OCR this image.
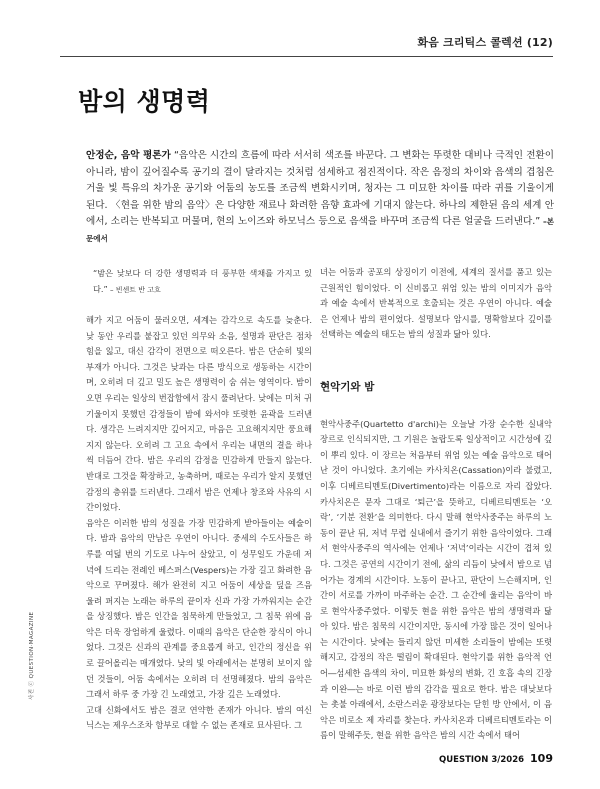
화음 크리틱스 콜렉션 (12)
밤의 생명력
안정순, 음악 평론가 “음악은 시간의 흐름에 따라 서서히 색조를 바꾼다. 그 변화는 뚜렷한 대비나 극적인 전환이 아니라, 밤이 깊어질수록 공기의 결이 달라지는 것처럼 섬세하고 점진적이다. 작은 음정의 차이와 음색의 겹침은 거울 빛 특유의 차가운 공기와 어둠의 농도를 조금씩 변화시키며, 청자는 그 미묘한 차이를 따라 귀를 기울이게 된다. 〈현을 위한 밤의 음악〉은 다양한 재료나 화려한 음향 효과에 기대지 않는다. 하나의 제한된 음의 세계 안에서, 소리는 반복되고 머물며, 현의 노이즈와 하모닉스 등으로 음색을 바꾸며 조금씩 다른 얼굴을 드러낸다.” –본문에서
“밤은 낮보다 더 강한 생명력과 더 풍부한 색채를 가지고 있다.” – 빈센트 반 고흐

해가 지고 어둠이 물러오면, 세계는 감각으로 속도를 늦춘다. 낮 동안 우리를 붙잡고 있던 의무와 소음, 설명과 판단은 점차 힘을 잃고, 대신 감각이 전면으로 떠오른다. 밤은 단순히 빛의 부재가 아니다. 그것은 낮과는 다른 방식으로 생동하는 시간이며, 오히려 더 깊고 밀도 높은 생명력이 숨 쉬는 영역이다. 밤이 오면 우리는 일상의 번잡함에서 잠시 풀려난다. 낮에는 미처 귀 기울이지 못했던 감정들이 밤에 와서야 또렷한 윤곽을 드러낸다. 생각은 느려지지만 깊어지고, 마음은 고요해지지만 풍요해지지 않는다. 오히려 그 고요 속에서 우리는 내면의 결을 하나씩 더듬어 간다. 밤은 우리의 감정을 민감하게 만들지 않는다. 반대로 그것을 확장하고, 농축하며, 때로는 우리가 알지 못했던 감정의 층위를 드러낸다. 그래서 밤은 언제나 창조와 사유의 시간이었다.

음악은 이러한 밤의 성질을 가장 민감하게 받아들이는 예술이다. 밤과 음악의 만남은 우연이 아니다. 중세의 수도사들은 하루를 여덟 번의 기도로 나누어 살았고, 이 성무일도 가운데 저녁에 드리는 전례인 베스퍼스(Vespers)는 가장 길고 화려한 음악으로 꾸며졌다. 해가 완전히 지고 어둠이 세상을 덮을 즈음 울려 퍼지는 노래는 하루의 끝이자 신과 가장 가까워지는 순간을 상징했다. 밤은 인간을 침묵하게 만들었고, 그 침묵 위에 음악은 더욱 장엄하게 울렸다. 이때의 음악은 단순한 장식이 아니었다. 그것은 신과의 관계를 중요롭게 하고, 인간의 정신을 위로 끌어올리는 매개였다. 낮의 빛 아래에서는 분명히 보이지 않던 것들이, 어둠 속에서는 오히려 더 선명해졌다. 밤의 음악은 그래서 하루 중 가장 긴 노래였고, 가장 깊은 노래였다.

고대 신화에서도 밤은 결코 연약한 존재가 아니다. 밤의 여신 닉스는 제우스조차 함부로 대할 수 없는 존재로 묘사된다. 그

녀는 어둠과 공포의 상징이기 이전에, 세계의 질서를 품고 있는 근원적인 힘이었다. 이 신비롭고 위엄 있는 밤의 이미지가 음악과 예술 속에서 반복적으로 호출되는 것은 우연이 아니다. 예술은 언제나 밤의 편이었다. 설명보다 암시를, 명확함보다 깊이를 선택하는 예술의 태도는 밤의 성질과 닮아 있다.

현악기와 밤

현악사중주(Quartetto d'archi)는 오늘날 가장 순수한 실내악 장르로 인식되지만, 그 기원은 놀랍도록 일상적이고 시간성에 깊이 뿌리 있다. 이 장르는 처음부터 위엄 있는 예술 음악으로 태어난 것이 아니었다. 초기에는 카사치온(Cassation)이라 불렸고, 이후 디베르티멘토(Divertimento)라는 이름으로 자리 잡았다. 카사치온은 문자 그대로 ‘퇴근’을 뜻하고, 디베르티멘토는 ‘오락’, ‘기분 전환’을 의미한다. 다시 말해 현악사중주는 하루의 노동이 끝난 뒤, 저녁 무렵 실내에서 즐기기 위한 음악이었다. 그래서 현악사중주의 역사에는 언제나 ‘저녁’이라는 시간이 겹쳐 있다. 그것은 공연의 시간이기 전에, 삶의 리듬이 낮에서 밤으로 넘어가는 경계의 시간이다. 노동이 끝나고, 판단이 느슨해지며, 인간이 서로를 가까이 마주하는 순간. 그 순간에 울리는 음악이 바로 현악사중주였다. 이렇듯 현을 위한 음악은 밤의 생명력과 닮아 있다. 밤은 침묵의 시간이지만, 동시에 가장 많은 것이 일어나는 시간이다. 낮에는 들리지 않던 미세한 소리들이 밤에는 또렷해지고, 감정의 작은 떨림이 확대된다. 현악기를 위한 음악적 언어―섬세한 음색의 차이, 미묘한 화성의 변화, 긴 호흡 속의 긴장과 이완―는 바로 이런 밤의 감각을 필요로 한다. 밤은 대낮보다는 촛불 아래에서, 소란스러운 광장보다는 닫힌 방 안에서, 이 음악은 비로소 제 자리를 찾는다. 카사치온과 디베르티멘토라는 이름이 말해주듯, 현을 위한 음악은 밤의 시간 속에서 태어

사진 ⓒ QUESTION·MAGAZINE
QUESTION 3/2026 109
